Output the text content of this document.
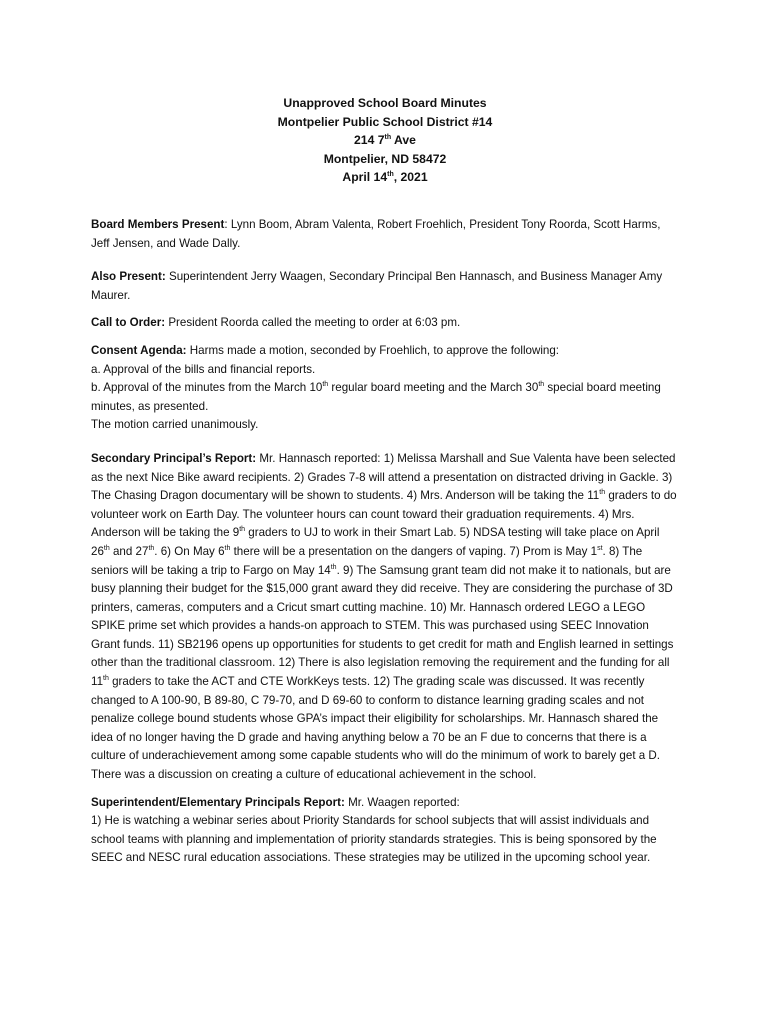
Unapproved School Board Minutes
Montpelier Public School District #14
214 7th Ave
Montpelier, ND 58472
April 14th, 2021

Board Members Present: Lynn Boom, Abram Valenta, Robert Froehlich, President Tony Roorda, Scott Harms, Jeff Jensen, and Wade Dally.

Also Present: Superintendent Jerry Waagen, Secondary Principal Ben Hannasch, and Business Manager Amy Maurer.

Call to Order: President Roorda called the meeting to order at 6:03 pm.

Consent Agenda: Harms made a motion, seconded by Froehlich, to approve the following:
a. Approval of the bills and financial reports.
b. Approval of the minutes from the March 10th regular board meeting and the March 30th special board meeting minutes, as presented.
The motion carried unanimously.

Secondary Principal’s Report: Mr. Hannasch reported: 1) Melissa Marshall and Sue Valenta have been selected as the next Nice Bike award recipients. 2) Grades 7-8 will attend a presentation on distracted driving in Gackle. 3) The Chasing Dragon documentary will be shown to students. 4) Mrs. Anderson will be taking the 11th graders to do volunteer work on Earth Day. The volunteer hours can count toward their graduation requirements. 4) Mrs. Anderson will be taking the 9th graders to UJ to work in their Smart Lab. 5) NDSA testing will take place on April 26th and 27th. 6) On May 6th there will be a presentation on the dangers of vaping. 7) Prom is May 1st. 8) The seniors will be taking a trip to Fargo on May 14th. 9) The Samsung grant team did not make it to nationals, but are busy planning their budget for the $15,000 grant award they did receive. They are considering the purchase of 3D printers, cameras, computers and a Cricut smart cutting machine. 10) Mr. Hannasch ordered LEGO a LEGO SPIKE prime set which provides a hands-on approach to STEM. This was purchased using SEEC Innovation Grant funds. 11) SB2196 opens up opportunities for students to get credit for math and English learned in settings other than the traditional classroom. 12) There is also legislation removing the requirement and the funding for all 11th graders to take the ACT and CTE WorkKeys tests. 12) The grading scale was discussed. It was recently changed to A 100-90, B 89-80, C 79-70, and D 69-60 to conform to distance learning grading scales and not penalize college bound students whose GPA’s impact their eligibility for scholarships. Mr. Hannasch shared the idea of no longer having the D grade and having anything below a 70 be an F due to concerns that there is a culture of underachievement among some capable students who will do the minimum of work to barely get a D. There was a discussion on creating a culture of educational achievement in the school.

Superintendent/Elementary Principals Report: Mr. Waagen reported:
1) He is watching a webinar series about Priority Standards for school subjects that will assist individuals and school teams with planning and implementation of priority standards strategies. This is being sponsored by the SEEC and NESC rural education associations. These strategies may be utilized in the upcoming school year.
